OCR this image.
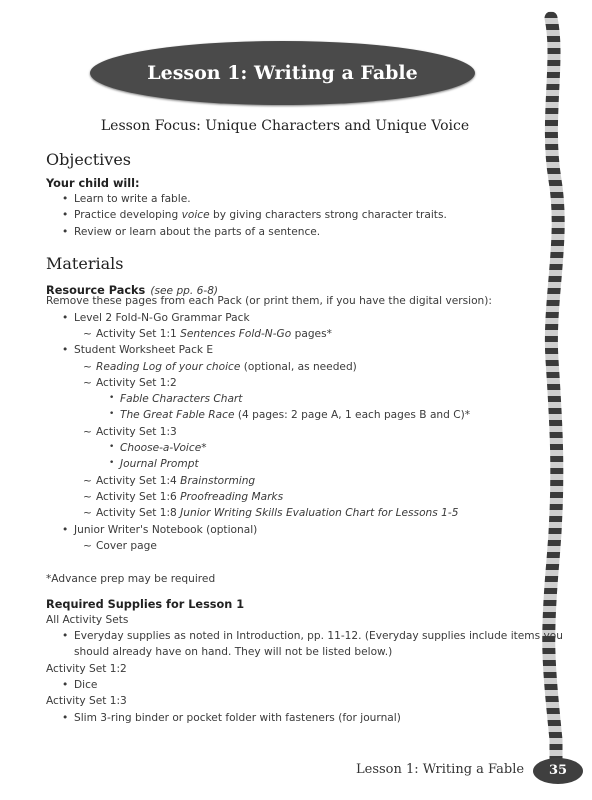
Lesson 1: Writing a Fable
Lesson Focus: Unique Characters and Unique Voice
Objectives
Your child will:
• Learn to write a fable.
• Practice developing voice by giving characters strong character traits.
• Review or learn about the parts of a sentence.
Materials
Resource Packs (see pp. 6-8)
Remove these pages from each Pack (or print them, if you have the digital version):
• Level 2 Fold-N-Go Grammar Pack
~ Activity Set 1:1 Sentences Fold-N-Go pages*
• Student Worksheet Pack E
~ Reading Log of your choice (optional, as needed)
~ Activity Set 1:2
• Fable Characters Chart
• The Great Fable Race (4 pages: 2 page A, 1 each pages B and C)*
~ Activity Set 1:3
• Choose-a-Voice*
• Journal Prompt
~ Activity Set 1:4 Brainstorming
~ Activity Set 1:6 Proofreading Marks
~ Activity Set 1:8 Junior Writing Skills Evaluation Chart for Lessons 1-5
• Junior Writer's Notebook (optional)
~ Cover page
*Advance prep may be required
Required Supplies for Lesson 1
All Activity Sets
• Everyday supplies as noted in Introduction, pp. 11-12. (Everyday supplies include items you
should already have on hand. They will not be listed below.)
Activity Set 1:2
• Dice
Activity Set 1:3
• Slim 3-ring binder or pocket folder with fasteners (for journal)
Lesson 1: Writing a Fable	35
